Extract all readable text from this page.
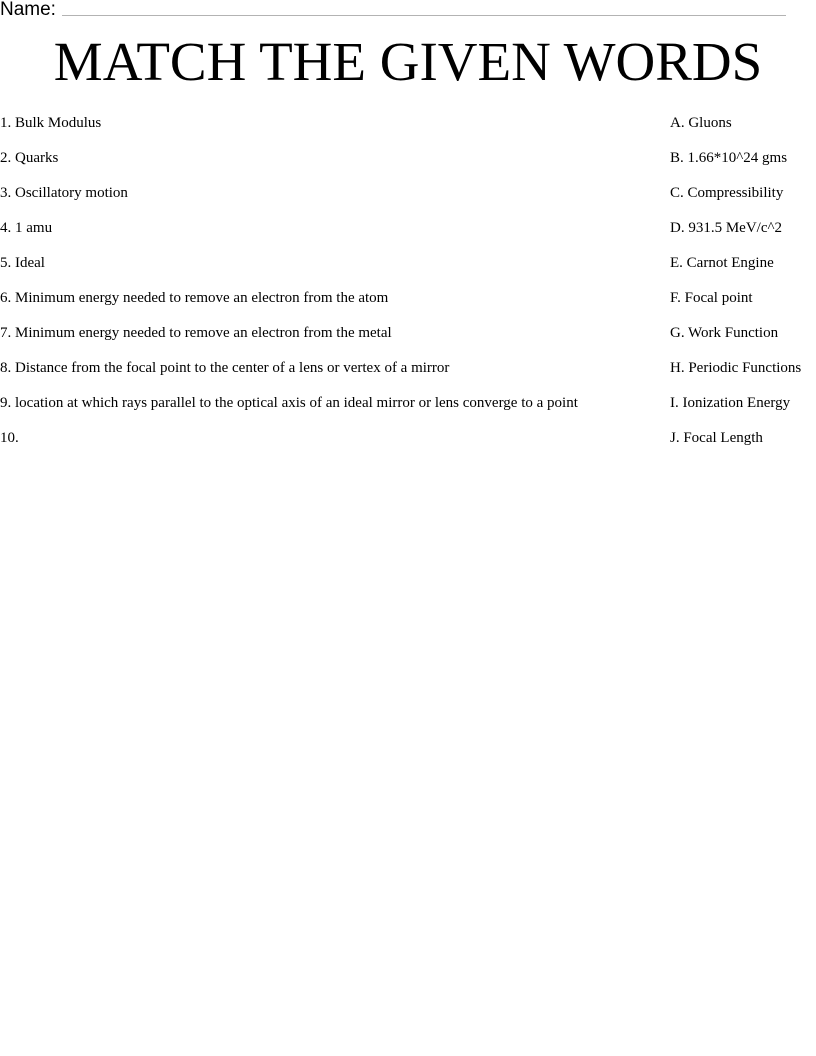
Name:
MATCH THE GIVEN WORDS
1. Bulk Modulus
2. Quarks
3. Oscillatory motion
4. 1 amu
5. Ideal
6. Minimum energy needed to remove an electron from the atom
7. Minimum energy needed to remove an electron from the metal
8. Distance from the focal point to the center of a lens or vertex of a mirror
9. location at which rays parallel to the optical axis of an ideal mirror or lens converge to a point
10.
A. Gluons
B. 1.66*10^24 gms
C. Compressibility
D. 931.5 MeV/c^2
E. Carnot Engine
F. Focal point
G. Work Function
H. Periodic Functions
I. Ionization Energy
J. Focal Length
